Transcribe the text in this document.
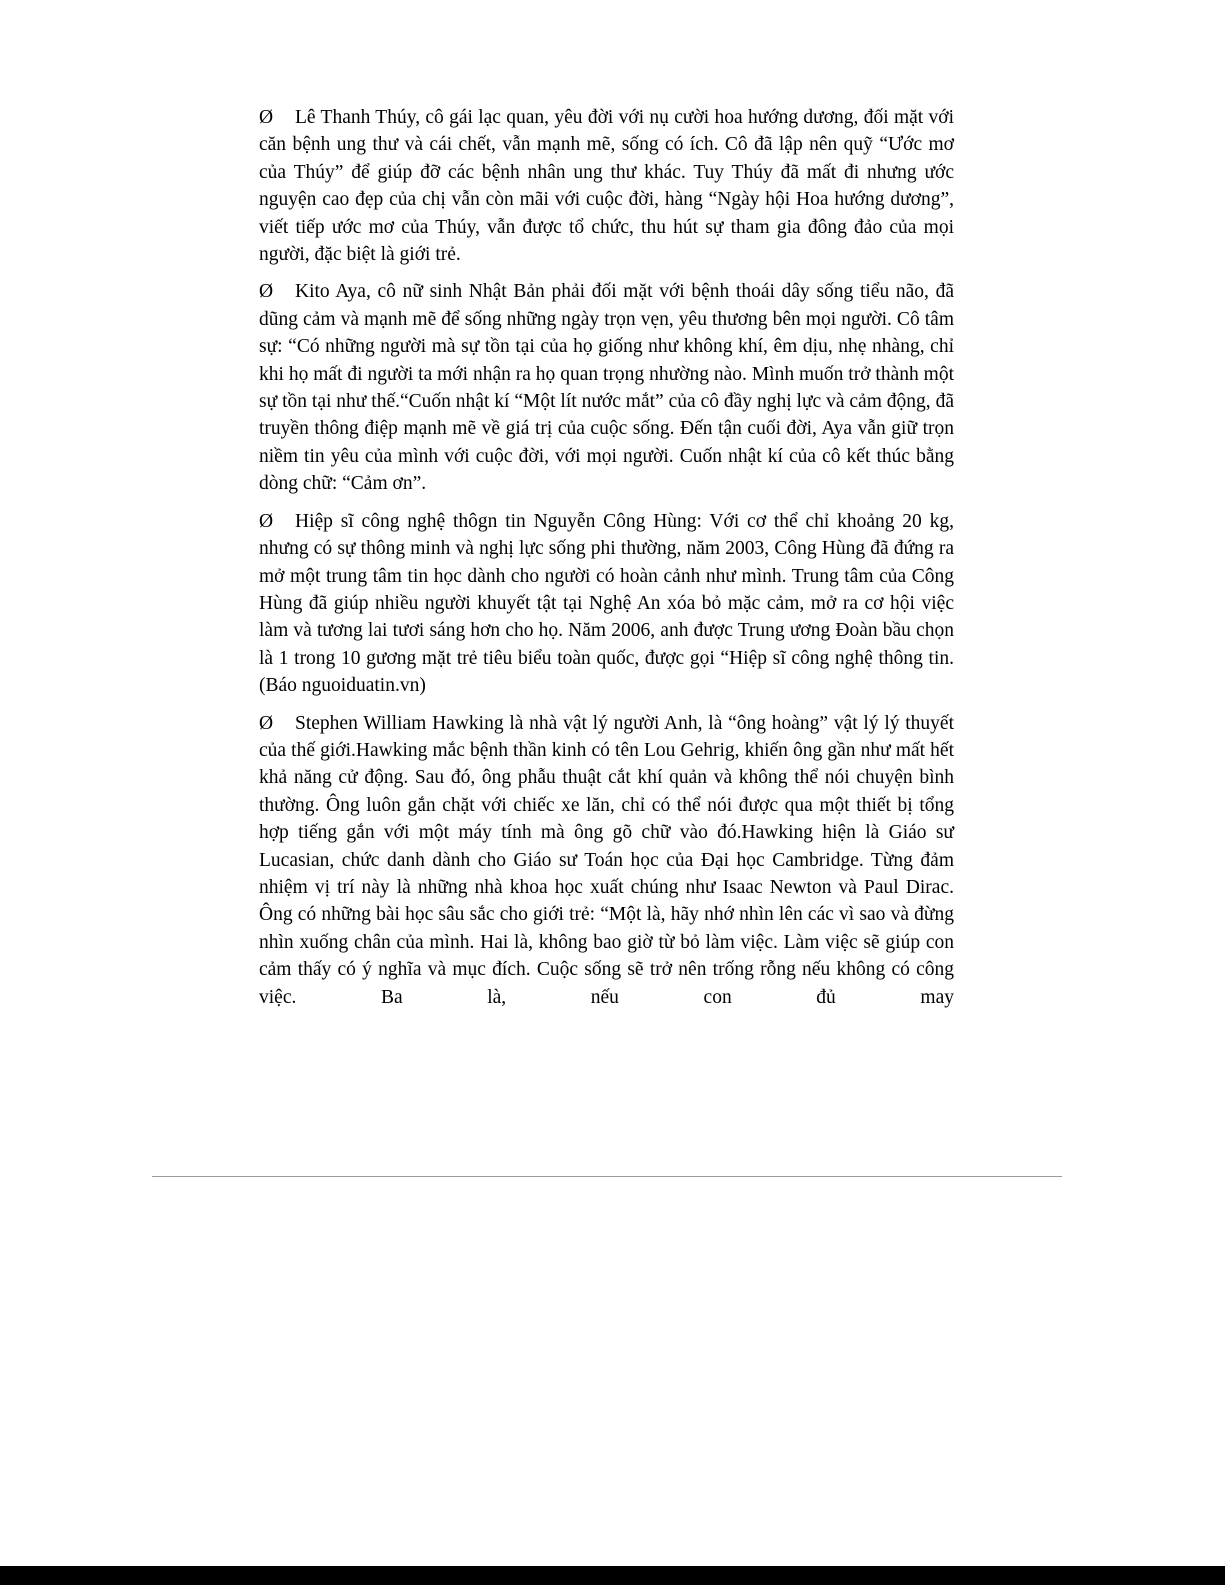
Ø Lê Thanh Thúy, cô gái lạc quan, yêu đời với nụ cười hoa hướng dương, đối mặt với căn bệnh ung thư và cái chết, vẫn mạnh mẽ, sống có ích. Cô đã lập nên quỹ “Ước mơ của Thúy” để giúp đỡ các bệnh nhân ung thư khác. Tuy Thúy đã mất đi nhưng ước nguyện cao đẹp của chị vẫn còn mãi với cuộc đời, hàng “Ngày hội Hoa hướng dương”, viết tiếp ước mơ của Thúy, vẫn được tổ chức, thu hút sự tham gia đông đảo của mọi người, đặc biệt là giới trẻ.

Ø Kito Aya, cô nữ sinh Nhật Bản phải đối mặt với bệnh thoái dây sống tiểu não, đã dũng cảm và mạnh mẽ để sống những ngày trọn vẹn, yêu thương bên mọi người. Cô tâm sự: “Có những người mà sự tồn tại của họ giống như không khí, êm dịu, nhẹ nhàng, chỉ khi họ mất đi người ta mới nhận ra họ quan trọng nhường nào. Mình muốn trở thành một sự tồn tại như thế.“Cuốn nhật kí “Một lít nước mắt” của cô đầy nghị lực và cảm động, đã truyền thông điệp mạnh mẽ về giá trị của cuộc sống. Đến tận cuối đời, Aya vẫn giữ trọn niềm tin yêu của mình với cuộc đời, với mọi người. Cuốn nhật kí của cô kết thúc bằng dòng chữ: “Cảm ơn”.

Ø Hiệp sĩ công nghệ thôgn tin Nguyễn Công Hùng: Với cơ thể chỉ khoảng 20 kg, nhưng có sự thông minh và nghị lực sống phi thường, năm 2003, Công Hùng đã đứng ra mở một trung tâm tin học dành cho người có hoàn cảnh như mình. Trung tâm của Công Hùng đã giúp nhiều người khuyết tật tại Nghệ An xóa bỏ mặc cảm, mở ra cơ hội việc làm và tương lai tươi sáng hơn cho họ. Năm 2006, anh được Trung ương Đoàn bầu chọn là 1 trong 10 gương mặt trẻ tiêu biểu toàn quốc, được gọi “Hiệp sĩ công nghệ thông tin. (Báo nguoiduatin.vn)

Ø Stephen William Hawking là nhà vật lý người Anh, là “ông hoàng” vật lý lý thuyết của thế giới.Hawking mắc bệnh thần kinh có tên Lou Gehrig, khiến ông gần như mất hết khả năng cử động. Sau đó, ông phẫu thuật cắt khí quản và không thể nói chuyện bình thường. Ông luôn gắn chặt với chiếc xe lăn, chỉ có thể nói được qua một thiết bị tổng hợp tiếng gắn với một máy tính mà ông gõ chữ vào đó.Hawking hiện là Giáo sư Lucasian, chức danh dành cho Giáo sư Toán học của Đại học Cambridge. Từng đảm nhiệm vị trí này là những nhà khoa học xuất chúng như Isaac Newton và Paul Dirac. Ông có những bài học sâu sắc cho giới trẻ: “Một là, hãy nhớ nhìn lên các vì sao và đừng nhìn xuống chân của mình. Hai là, không bao giờ từ bỏ làm việc. Làm việc sẽ giúp con cảm thấy có ý nghĩa và mục đích. Cuộc sống sẽ trở nên trống rỗng nếu không có công việc. Ba là, nếu con đủ may
